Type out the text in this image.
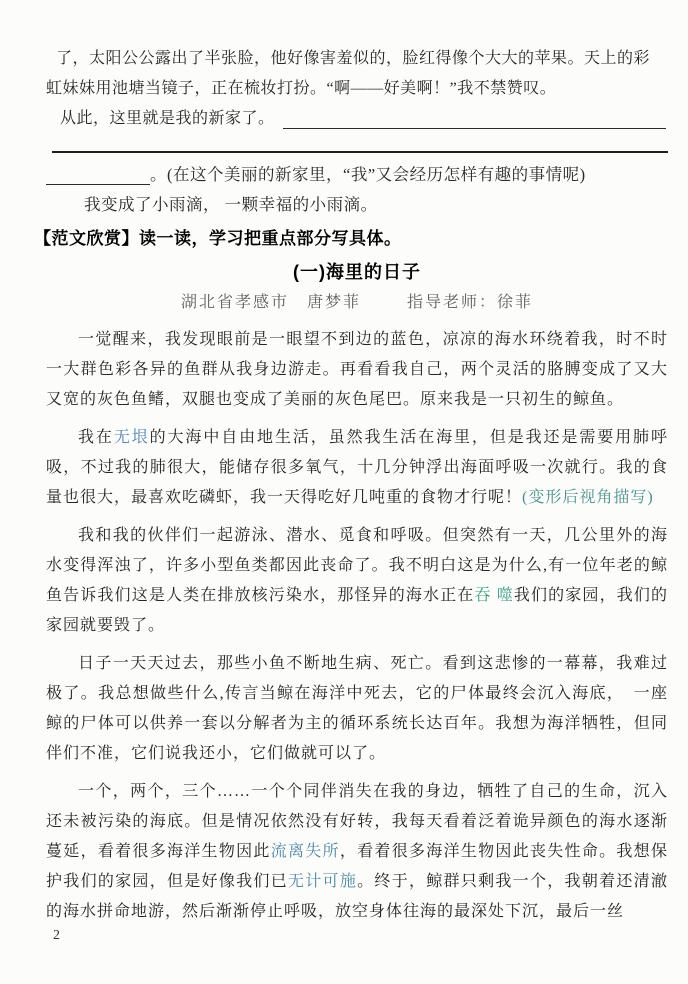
了，太阳公公露出了半张脸，他好像害羞似的，脸红得像个大大的苹果。天上的彩
虹妹妹用池塘当镜子，正在梳妆打扮。“啊——好美啊！”我不禁赞叹。
从此，这里就是我的新家了。
。(在这个美丽的新家里，“我”又会经历怎样有趣的事情呢)
我变成了小雨滴， 一颗幸福的小雨滴。
【范文欣赏】读一读，学习把重点部分写具体。
(一)海里的日子
湖北省孝感市　唐梦菲	指导老师：徐菲

一觉醒来，我发现眼前是一眼望不到边的蓝色，凉凉的海水环绕着我，时不时一大群色彩各异的鱼群从我身边游走。再看看我自己，两个灵活的胳膊变成了又大又宽的灰色鱼鳍，双腿也变成了美丽的灰色尾巴。原来我是一只初生的鲸鱼。

我在无垠的大海中自由地生活，虽然我生活在海里，但是我还是需要用肺呼吸，不过我的肺很大，能储存很多氧气，十几分钟浮出海面呼吸一次就行。我的食量也很大，最喜欢吃磷虾，我一天得吃好几吨重的食物才行呢！(变形后视角描写)

我和我的伙伴们一起游泳、潜水、觅食和呼吸。但突然有一天，几公里外的海水变得浑浊了，许多小型鱼类都因此丧命了。我不明白这是为什么,有一位年老的鲸鱼告诉我们这是人类在排放核污染水，那怪异的海水正在吞 噬我们的家园，我们的家园就要毁了。

日子一天天过去，那些小鱼不断地生病、死亡。看到这悲惨的一幕幕，我难过极了。我总想做些什么,传言当鲸在海洋中死去，它的尸体最终会沉入海底，　一座鲸的尸体可以供养一套以分解者为主的循环系统长达百年。我想为海洋牺牲，但同伴们不准，它们说我还小，它们做就可以了。

一个，两个，三个……一个个同伴消失在我的身边，牺牲了自己的生命，沉入还未被污染的海底。但是情况依然没有好转，我每天看着泛着诡异颜色的海水逐渐蔓延，看着很多海洋生物因此流离失所，看着很多海洋生物因此丧失性命。我想保护我们的家园，但是好像我们已无计可施。终于，鲸群只剩我一个，我朝着还清澈的海水拼命地游，然后渐渐停止呼吸，放空身体往海的最深处下沉，最后一丝

2
